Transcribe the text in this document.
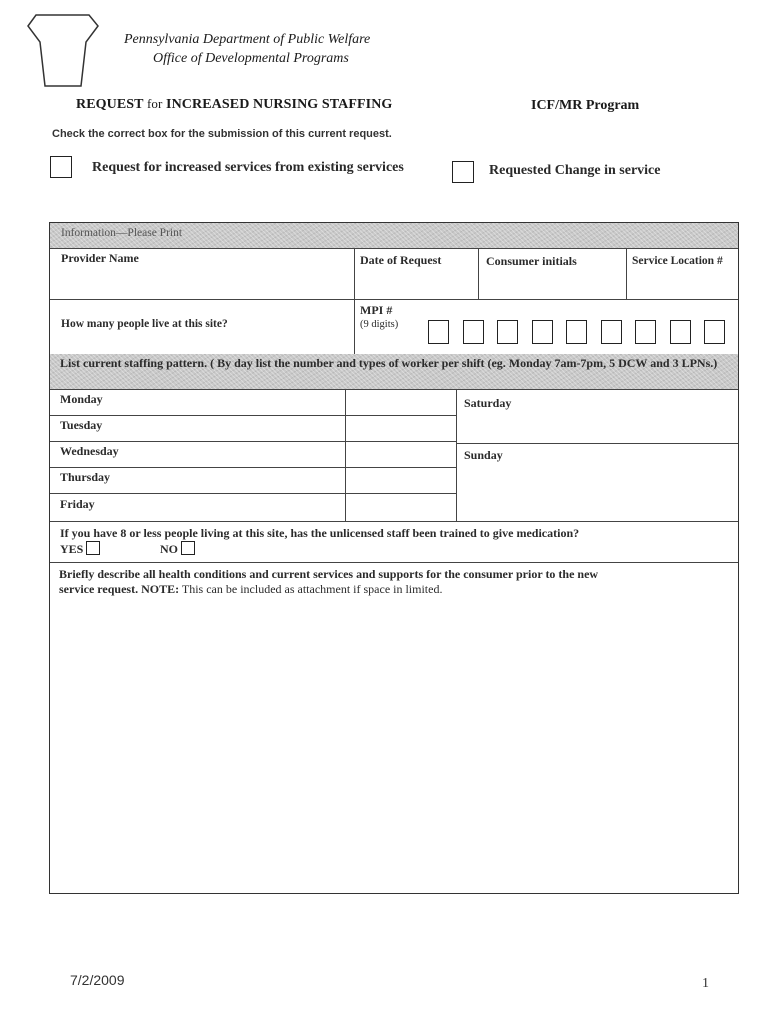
Pennsylvania Department of Public Welfare
Office of Developmental Programs
REQUEST for INCREASED NURSING STAFFING	ICF/MR Program
Check the correct box for the submission of this current request.
Request for increased services from existing services	Requested Change in service
Information—Please Print
Provider Name	Date of Request	Consumer initials	Service Location #
How many people live at this site?
MPI #
(9 digits)
List current staffing pattern. ( By day list the number and types of worker per shift (eg. Monday 7am-7pm, 5 DCW and 3 LPNs.)
Monday
Tuesday
Wednesday
Thursday
Friday
Saturday
Sunday
If you have 8 or less people living at this site, has the unlicensed staff been trained to give medication?
YES	NO
Briefly describe all health conditions and current services and supports for the consumer prior to the new
service request. NOTE: This can be included as attachment if space in limited.
7/2/2009	1
